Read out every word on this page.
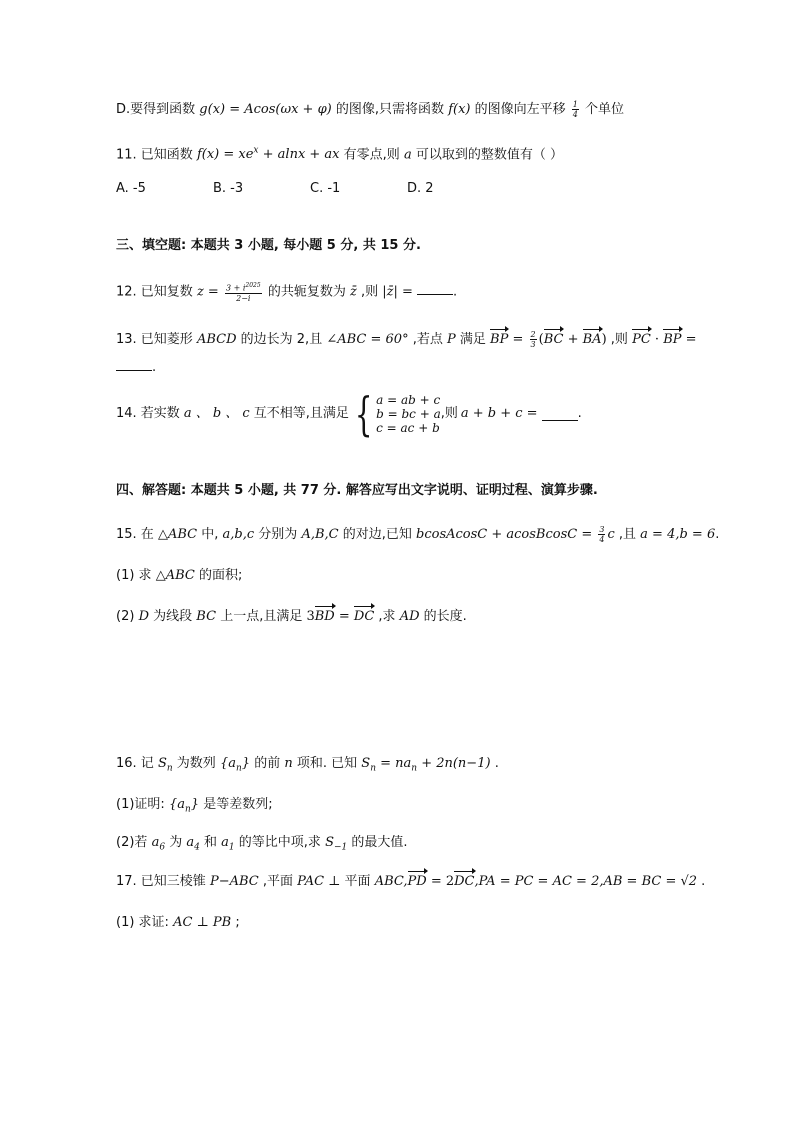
D.要得到函数 g(x) = Acos(ωx + φ) 的图像,只需将函数 f(x) 的图像向左平移 $\frac{1}{4}$ 个单位
11. 已知函数 $f(x) = xe^x + alnx$ + ax 有零点,则 a 可以取到的整数值有（ ）
A. -5	B. -3	C. -1	D. 2
三、填空题: 本题共 3 小题, 每小题 5 分, 共 15 分.
12. 已知复数 $z = \frac{3 + i^{2025}}{2-i}$ 的共轭复数为 z̄ ,则 |z̄| =	.
13. 已知菱形 ABCD 的边长为 2,且 ∠ABC = 60° ,若点 P 满足 BP = $\frac{2}{3} (BC + BA)$ ,则 PC · BP =
.
14. 若实数 a 、 b 、 c 互不相等,且满足 { a = ab + c
b = bc + a
c = ac + b
,则 a + b + c =	.
四、解答题: 本题共 5 小题, 共 77 分. 解答应写出文字说明、证明过程、演算步骤.
15. 在 △ABC 中, a,b,c 分别为 A,B,C 的对边,已知 bcosAcosC + acosBcosC = $\frac{3}{4}$ c ,且 a = 4,b = 6.
(1) 求 △ABC 的面积;
(2) D 为线段 BC 上一点,且满足 3BD = DC ,求 AD 的长度.
16. 记 $S_n$ 为数列 $\{a_n\}$ 的前 n 项和. 已知 $S_n = na_n + 2n(n-1)$ .
(1)证明: $\{a_n\}$ 是等差数列;
(2)若 $a_6$ 为 $a_4$ 和 $a_1$ 的等比中项,求 $S_{-1}$ 的最大值.
17. 已知三棱锥 P−ABC ,平面 PAC ⊥ 平面 ABC,PD = 2DC,PA = PC = AC = 2,AB = BC = √2 .
(1) 求证: AC ⊥ PB ;
